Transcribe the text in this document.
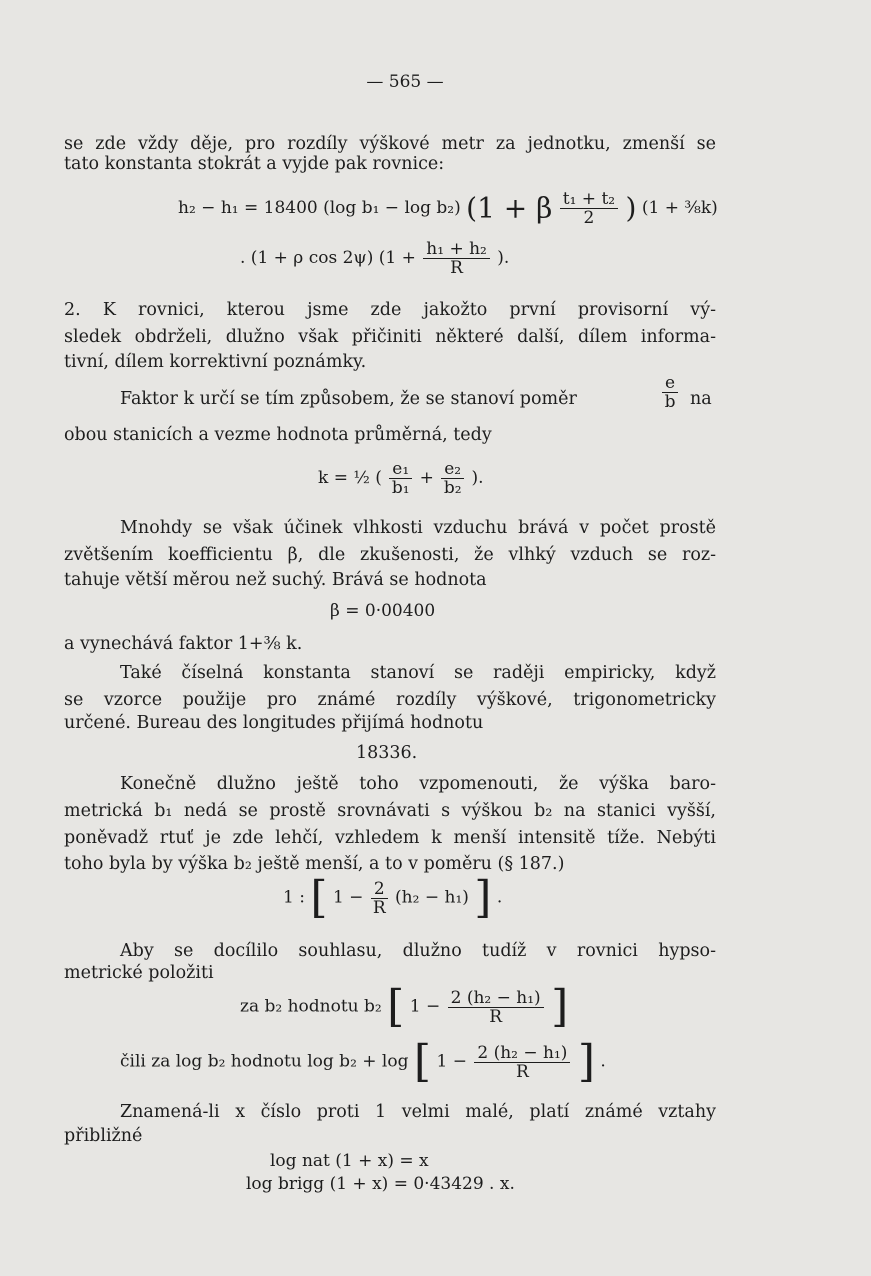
— 565 —
se zde vždy děje, pro rozdíly výškové metr za jednotku, zmenší se
tato konstanta stokrát a vyjde pak rovnice:
h₂ − h₁ = 18400 (log b₁ − log b₂) (1 + β $\frac{\text{t₁ + t₂}}{2}$ ) (1 + ⅜k)
. (1 + ρ cos 2ψ) ($1 + \frac{\text{h₁ + h₂}}{R}$ ).
2. K rovnici, kterou jsme zde jakožto první provisorní vý-
sledek obdrželi, dlužno však přičiniti některé další, dílem informa-
tivní, dílem korrektivní poznámky.
Faktor k určí se tím způsobem, že se stanoví poměr	$\frac{e}{b}$ na
obou stanicích a vezme hodnota průměrná, tedy
k = ½ ( $\frac{\text{e₁}}{\text{b₁}} + \frac{\text{e₂}}{\text{b₂}}$ ).
Mnohdy se však účinek vlhkosti vzduchu brává v počet prostě
zvětšením koefficientu β, dle zkušenosti, že vlhký vzduch se roz-
tahuje větší měrou než suchý. Brává se hodnota
β = 0·00400
a vynechává faktor 1+⅜ k.
Také číselná konstanta stanoví se raději empiricky, když
se vzorce použije pro známé rozdíly výškové, trigonometricky
určené. Bureau des longitudes přijímá hodnotu
18336.
Konečně dlužno ještě toho vzpomenouti, že výška baro-
metrická b₁ nedá se prostě srovnávati s výškou b₂ na stanici vyšší,
poněvadž rtuť je zde lehčí, vzhledem k menší intensitě tíže. Nebýti
toho byla by výška b₂ ještě menší, a to v poměru (§ 187.)
1 : [ $1 - \frac{2}{R} (h_2 - h_1)$ ] .
Aby se docílilo souhlasu, dlužno tudíž v rovnici hypso-
metrické položiti
za b₂ hodnotu b₂ [ $1 - \frac{\text{2 (h₂ − h₁)}}{R}$ ]
čili za log b₂ hodnotu log b₂ + log [ $1 - \frac{\text{2 (h₂ − h₁)}}{R}$ ] .
Znamená-li x číslo proti 1 velmi malé, platí známé vztahy
přibližné
log nat (1 + x) = x
log brigg (1 + x) = 0·43429 . x.
